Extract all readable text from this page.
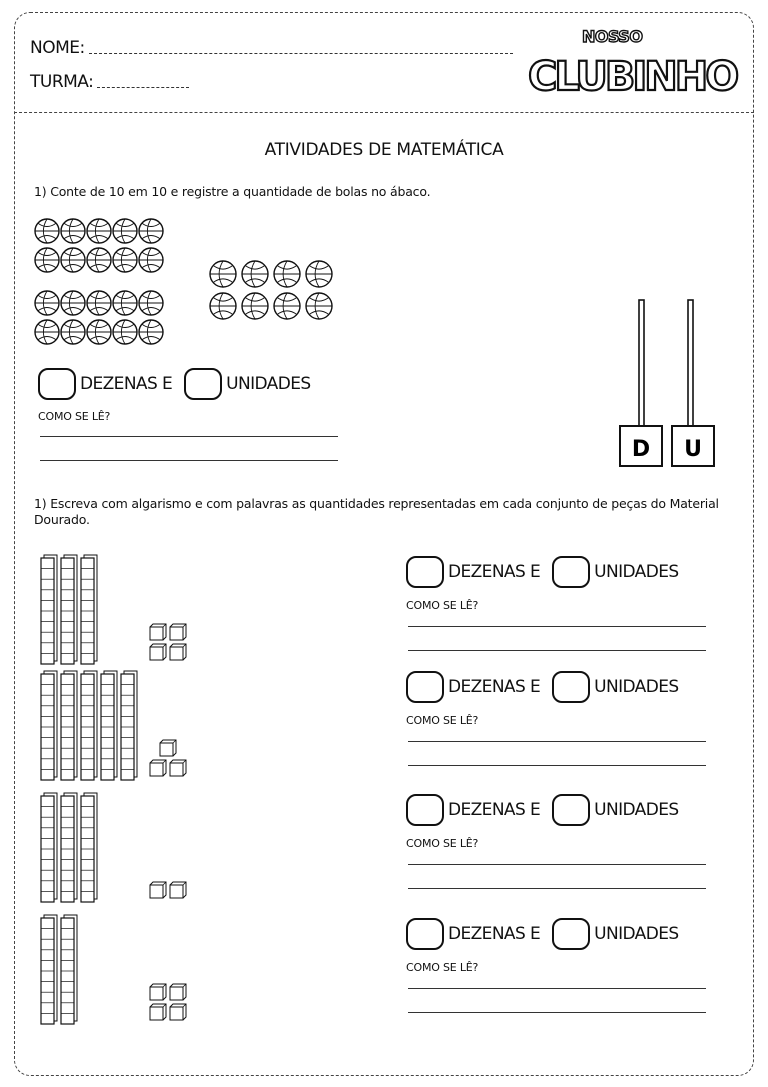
NOME:
TURMA:
NOSSO
CLUBINHO
ATIVIDADES DE MATEMÁTICA
1) Conte de 10 em 10 e registre a quantidade de bolas no ábaco.
DEZENAS E	UNIDADES
COMO SE LÊ?
D U
1) Escreva com algarismo e com palavras as quantidades representadas em cada conjunto de peças do Material Dourado.
DEZENAS E	UNIDADES
COMO SE LÊ?
DEZENAS E	UNIDADES
COMO SE LÊ?
DEZENAS E	UNIDADES
COMO SE LÊ?
DEZENAS E	UNIDADES
COMO SE LÊ?
